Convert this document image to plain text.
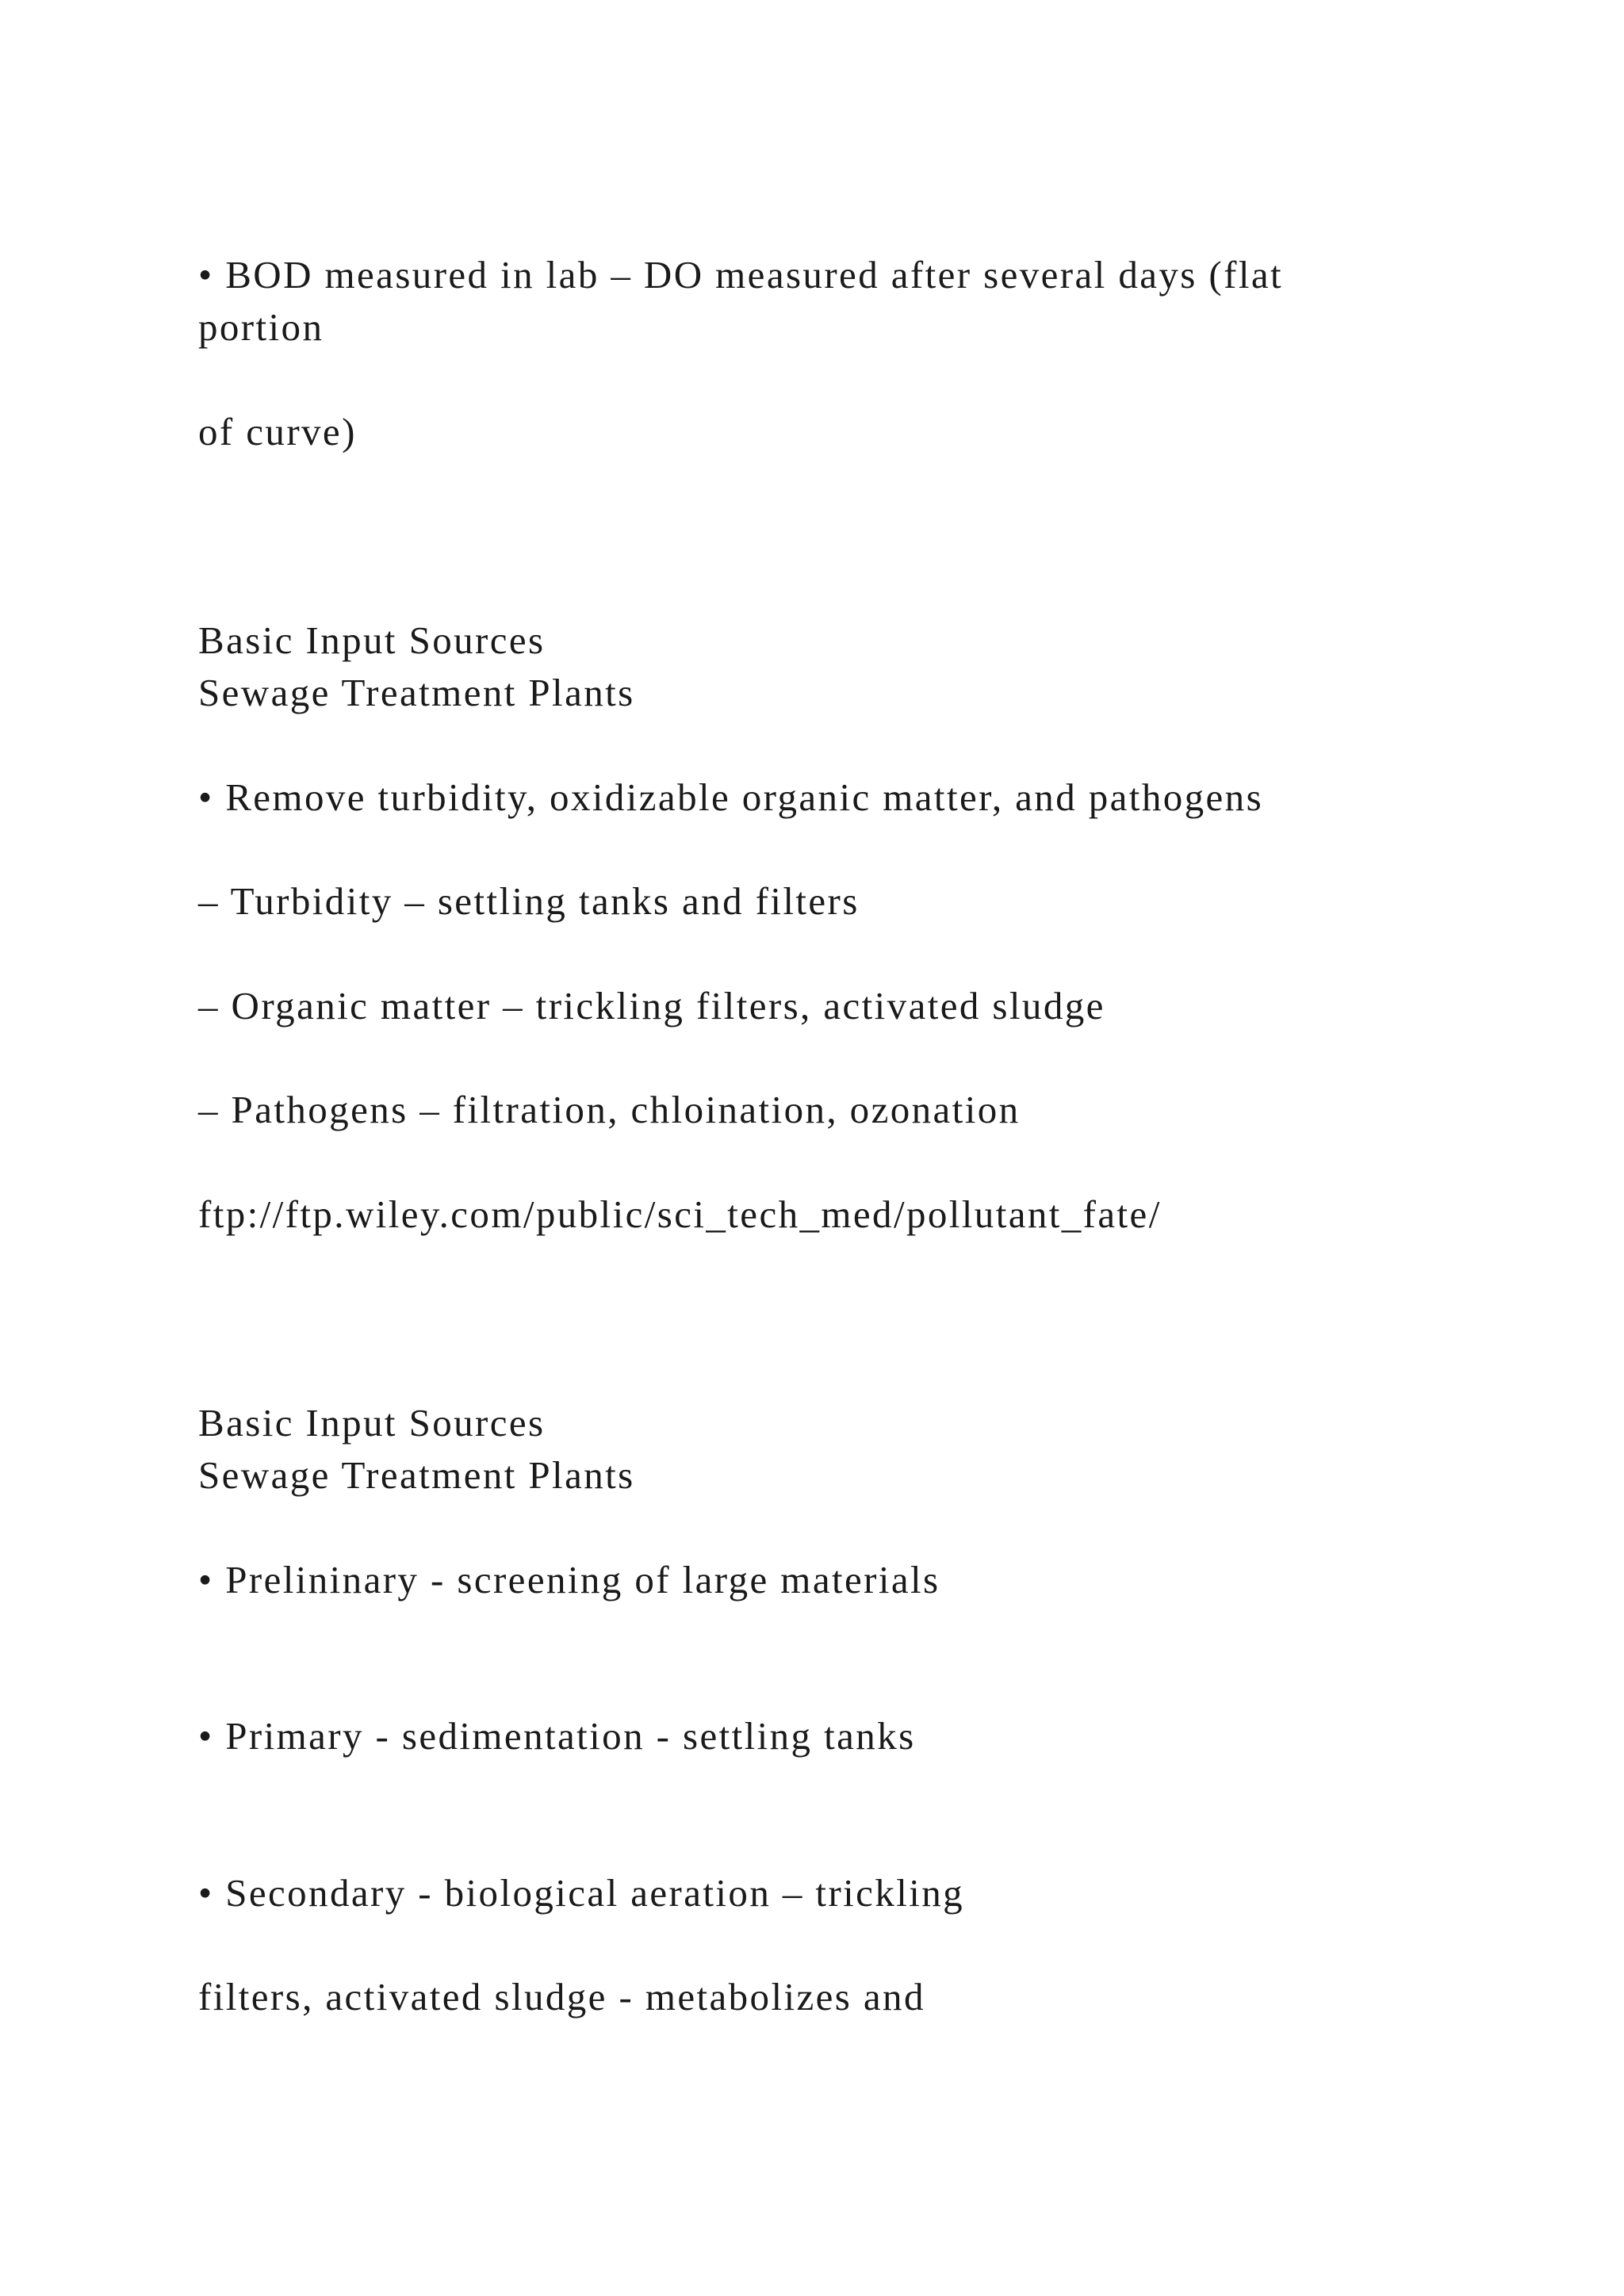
• BOD measured in lab – DO measured after several days (flat

portion

of curve)

Basic Input Sources

Sewage Treatment Plants

• Remove turbidity, oxidizable organic matter, and pathogens

– Turbidity – settling tanks and filters

– Organic matter – trickling filters, activated sludge

– Pathogens – filtration, chloination, ozonation

ftp://ftp.wiley.com/public/sci_tech_med/pollutant_fate/

Basic Input Sources

Sewage Treatment Plants

• Prelininary - screening of large materials

• Primary - sedimentation - settling tanks

• Secondary - biological aeration – trickling

filters, activated sludge - metabolizes and
